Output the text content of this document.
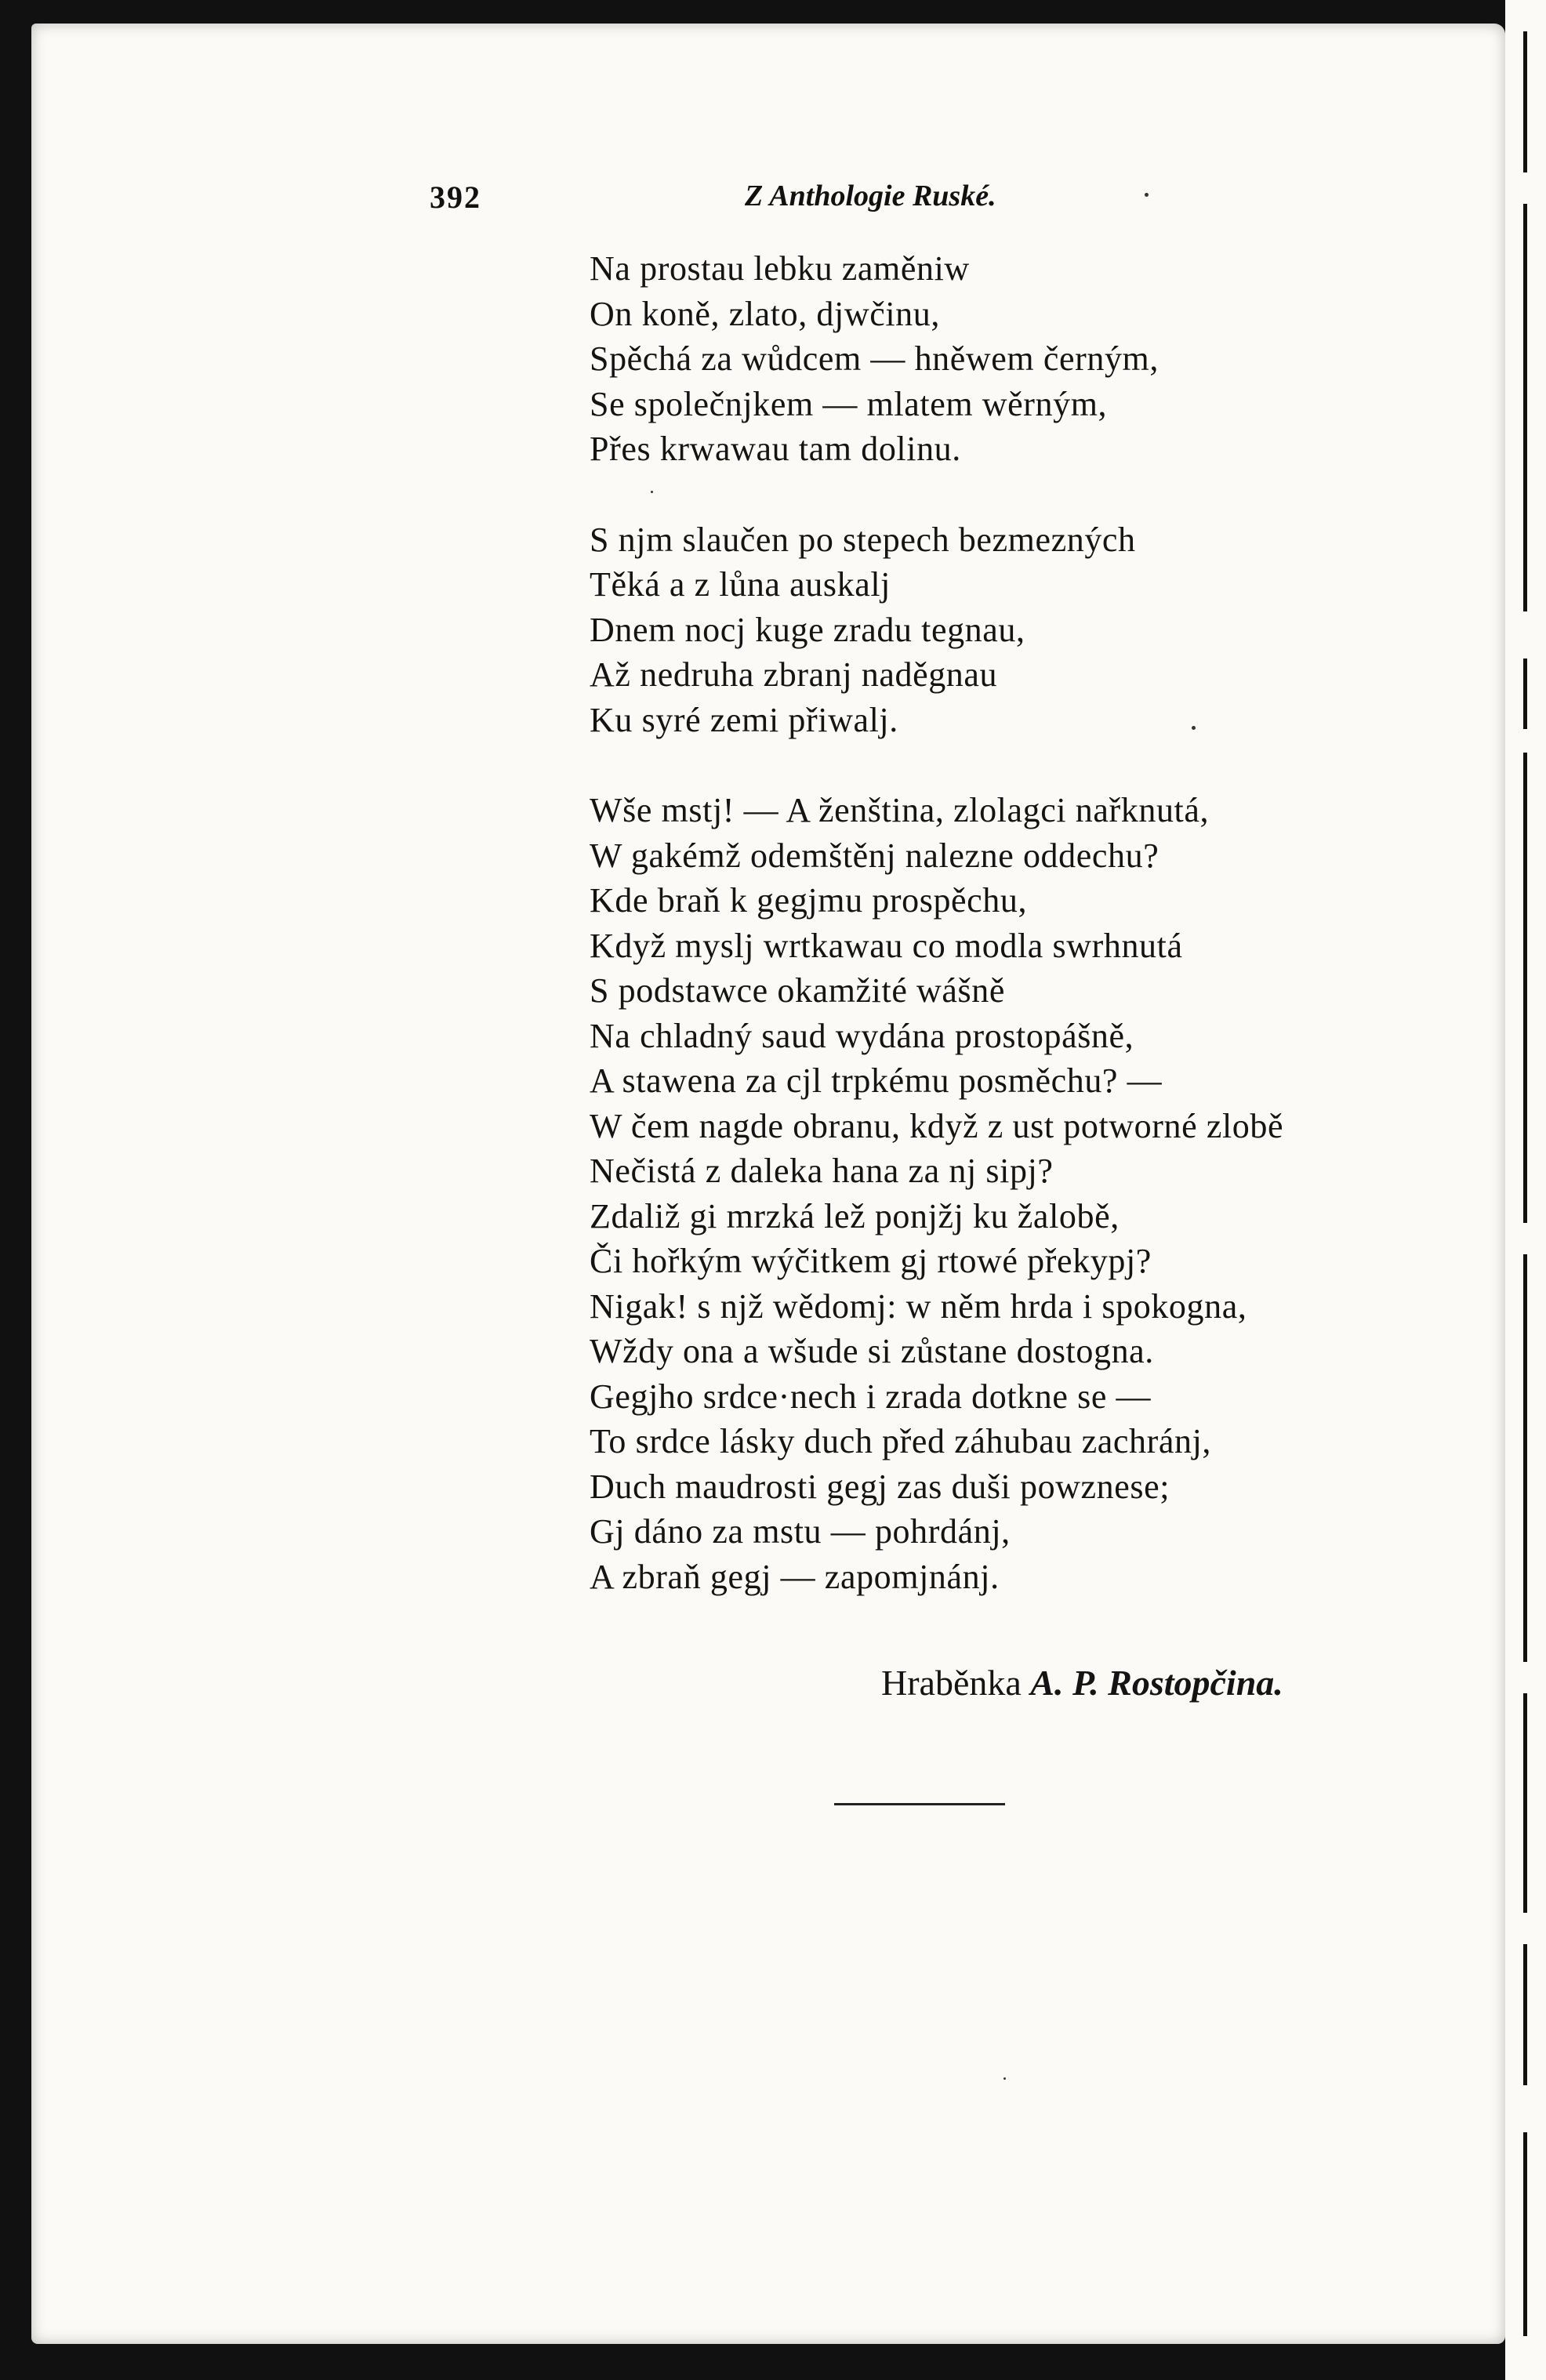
392	Z Anthologie Ruské.
Na prostau lebku zaměniw
On koně, zlato, djwčinu,
Spěchá za wůdcem — hněwem černým,
Se společnjkem — mlatem wěrným,
Přes krwawau tam dolinu.
S njm slaučen po stepech bezmezných
Těká a z lůna auskalj
Dnem nocj kuge zradu tegnau,
Až nedruha zbranj naděgnau
Ku syré zemi přiwalj.
Wše mstj! — A ženština, zlolagci nařknutá,
W gakémž odemštěnj nalezne oddechu?
Kde braň k gegjmu prospěchu,
Když myslj wrtkawau co modla swrhnutá
S podstawce okamžité wášně
Na chladný saud wydána prostopášně,
A stawena za cjl trpkému posměchu? —
W čem nagde obranu, když z ust potworné zlobě
Nečistá z daleka hana za nj sipj?
Zdaliž gi mrzká lež ponjžj ku žalobě,
Či hořkým wýčitkem gj rtowé překypj?
Nigak! s njž wědomj: w něm hrda i spokogna,
Wždy ona a wšude si zůstane dostogna.
Gegjho srdce·nech i zrada dotkne se —
To srdce lásky duch před záhubau zachránj,
Duch maudrosti gegj zas duši powznese;
Gj dáno za mstu — pohrdánj,
A zbraň gegj — zapomjnánj.
Hraběnka A. P. Rostopčina.
